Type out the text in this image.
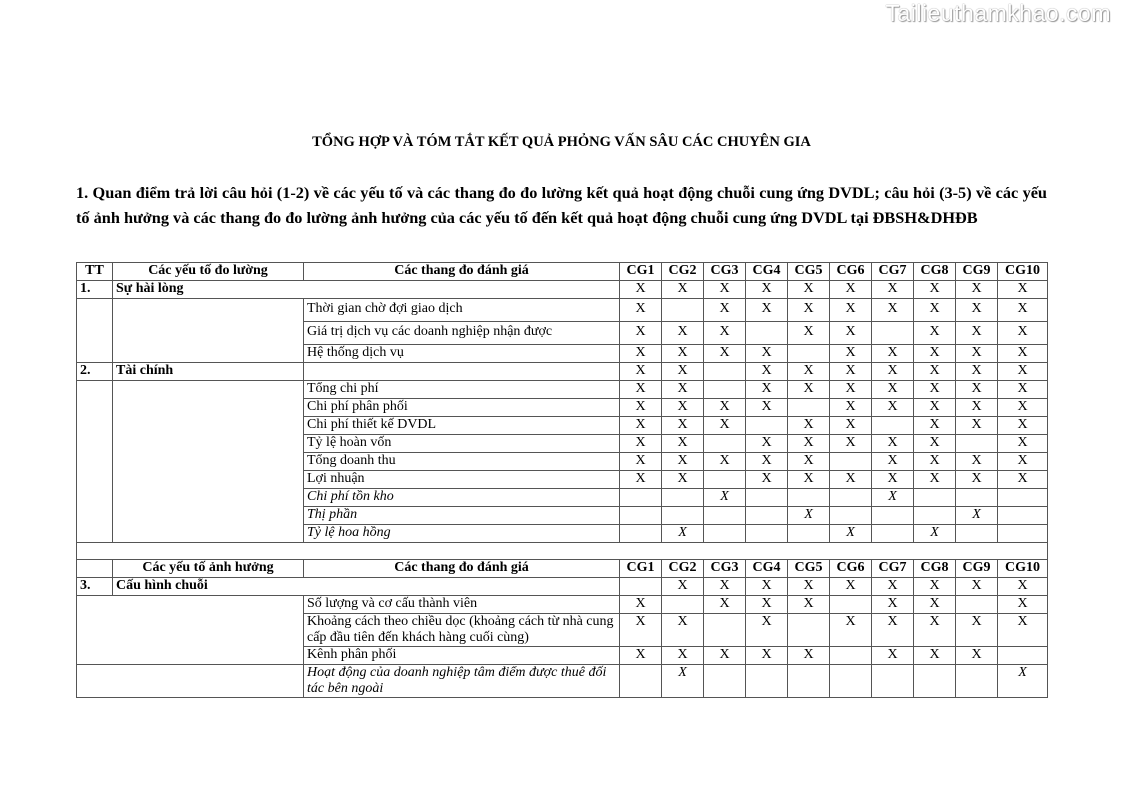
Tailieuthamkhao.com
TỔNG HỢP VÀ TÓM TẮT KẾT QUẢ PHỎNG VẤN SÂU CÁC CHUYÊN GIA
1. Quan điểm trả lời câu hỏi (1-2) về các yếu tố và các thang đo đo lường kết quả hoạt động chuỗi cung ứng DVDL; câu hỏi (3-5) về các yếu tố ảnh hưởng và các thang đo đo lường ảnh hưởng của các yếu tố đến kết quả hoạt động chuỗi cung ứng DVDL tại ĐBSH&DHĐB
TT	Các yếu tố đo lường	Các thang đo đánh giá	CG1	CG2	CG3	CG4	CG5	CG6	CG7	CG8	CG9	CG10
1.	Sự hài lòng		X	X	X	X	X	X	X	X	X	X
		Thời gian chờ đợi giao dịch	X		X	X	X	X	X	X	X	X
		Giá trị dịch vụ các doanh nghiệp nhận được	X	X	X		X	X		X	X	X
		Hệ thống dịch vụ	X	X	X	X		X	X	X	X	X
2.	Tài chính		X	X		X	X	X	X	X	X	X
		Tổng chi phí	X	X		X	X	X	X	X	X	X
		Chi phí phân phối	X	X	X	X		X	X	X	X	X
		Chi phí thiết kế DVDL	X	X	X		X	X		X	X	X
		Tỷ lệ hoàn vốn	X	X		X	X	X	X	X		X
		Tổng doanh thu	X	X	X	X	X		X	X	X	X
		Lợi nhuận	X	X		X	X	X	X	X	X	X
		Chi phí tồn kho			X				X			
		Thị phần					X				X	
		Tỷ lệ hoa hồng		X				X		X		

	Các yếu tố ảnh hưởng	Các thang đo đánh giá	CG1	CG2	CG3	CG4	CG5	CG6	CG7	CG8	CG9	CG10
3.	Cấu hình chuỗi			X	X	X	X	X	X	X	X	X
		Số lượng và cơ cấu thành viên	X		X	X	X		X	X		X
		Khoảng cách theo chiều dọc (khoảng cách từ nhà cung cấp đầu tiên đến khách hàng cuối cùng)	X	X		X		X	X	X	X	X
		Kênh phân phối	X	X	X	X	X		X	X	X	
		Hoạt động của doanh nghiệp tâm điểm được thuê đối tác bên ngoài		X								X
